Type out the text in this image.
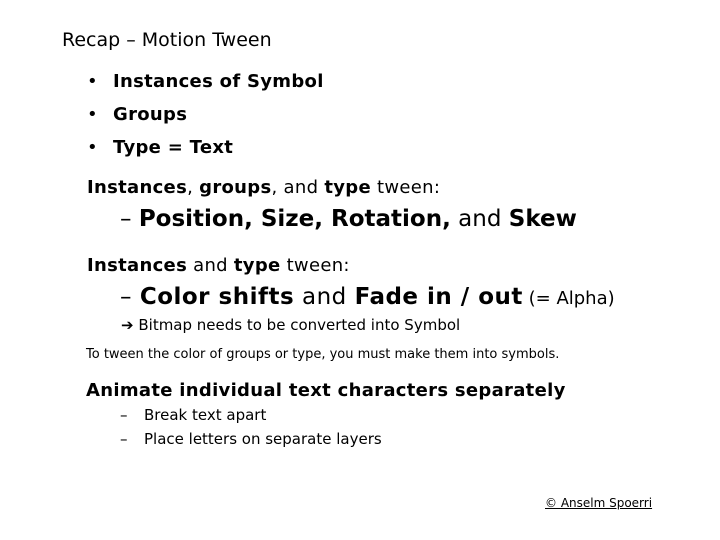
Recap – Motion Tween
• Instances of Symbol
• Groups
• Type = Text
Instances, groups, and type tween:
– Position, Size, Rotation, and Skew
Instances and type tween:
– Color shifts and Fade in / out (= Alpha)
➔ Bitmap needs to be converted into Symbol
To tween the color of groups or type, you must make them into symbols.
Animate individual text characters separately
– Break text apart
– Place letters on separate layers
© Anselm Spoerri
